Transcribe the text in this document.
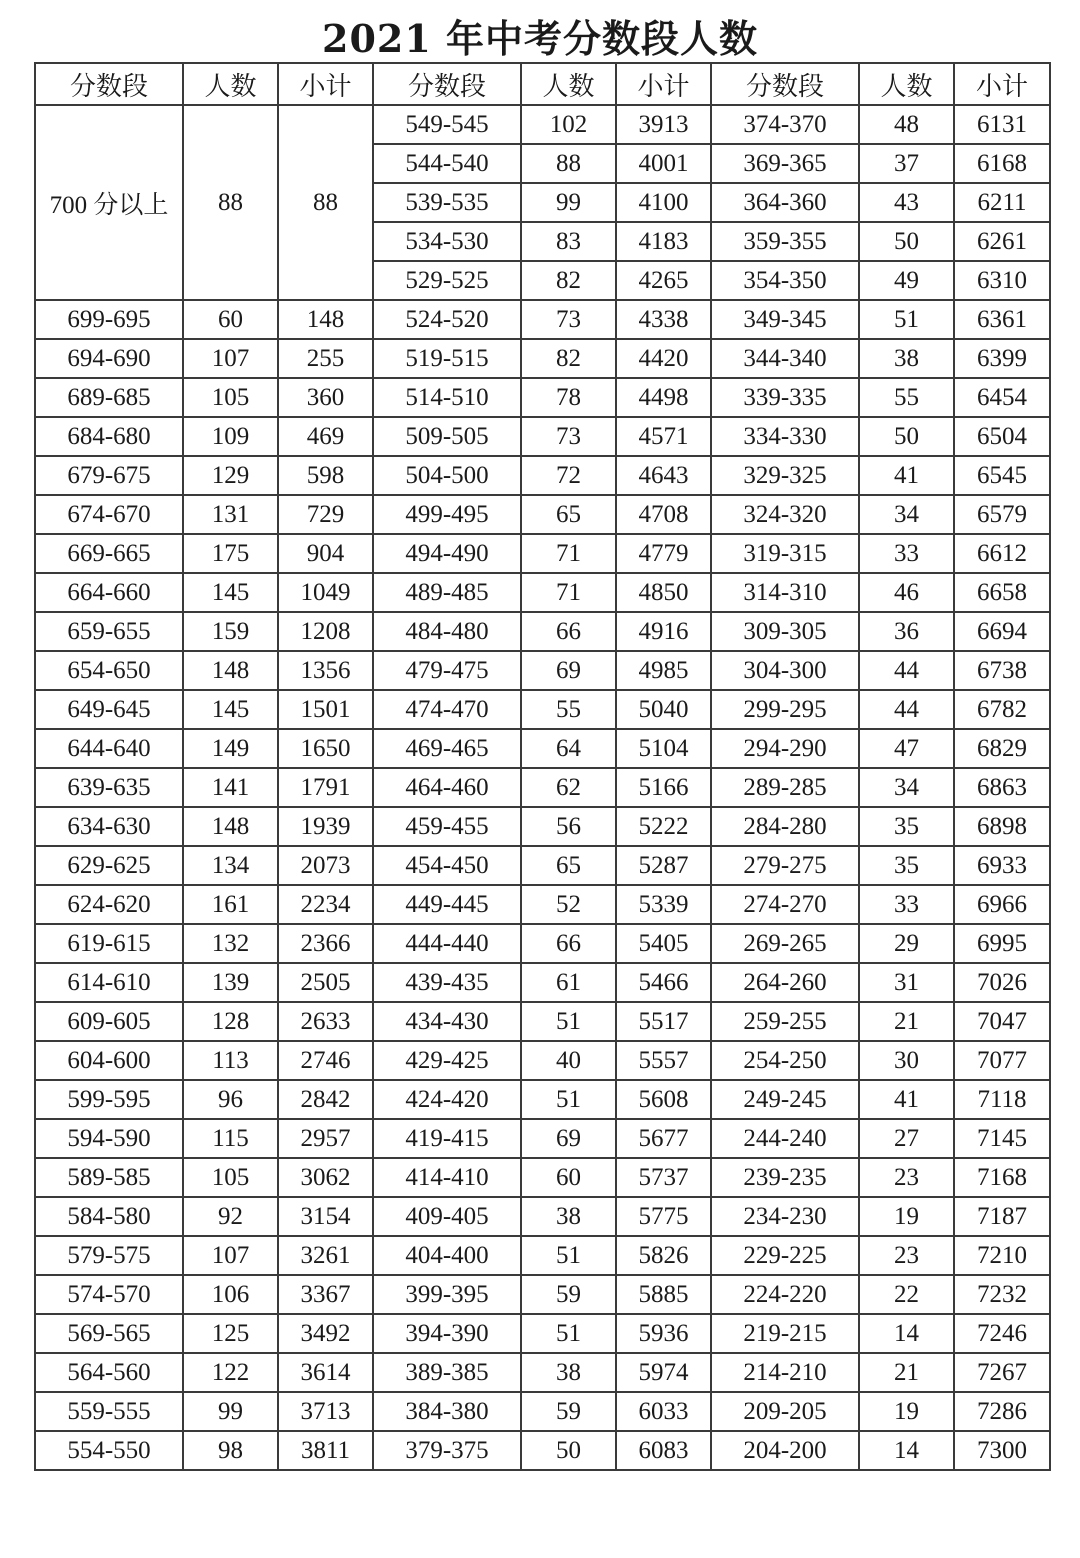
2021 年中考分数段人数
分数段	人数	小计	分数段	人数	小计	分数段	人数	小计
700 分以上	88	88	549-545	102	3913	374-370	48	6131
			544-540	88	4001	369-365	37	6168
			539-535	99	4100	364-360	43	6211
			534-530	83	4183	359-355	50	6261
			529-525	82	4265	354-350	49	6310
699-695	60	148	524-520	73	4338	349-345	51	6361
694-690	107	255	519-515	82	4420	344-340	38	6399
689-685	105	360	514-510	78	4498	339-335	55	6454
684-680	109	469	509-505	73	4571	334-330	50	6504
679-675	129	598	504-500	72	4643	329-325	41	6545
674-670	131	729	499-495	65	4708	324-320	34	6579
669-665	175	904	494-490	71	4779	319-315	33	6612
664-660	145	1049	489-485	71	4850	314-310	46	6658
659-655	159	1208	484-480	66	4916	309-305	36	6694
654-650	148	1356	479-475	69	4985	304-300	44	6738
649-645	145	1501	474-470	55	5040	299-295	44	6782
644-640	149	1650	469-465	64	5104	294-290	47	6829
639-635	141	1791	464-460	62	5166	289-285	34	6863
634-630	148	1939	459-455	56	5222	284-280	35	6898
629-625	134	2073	454-450	65	5287	279-275	35	6933
624-620	161	2234	449-445	52	5339	274-270	33	6966
619-615	132	2366	444-440	66	5405	269-265	29	6995
614-610	139	2505	439-435	61	5466	264-260	31	7026
609-605	128	2633	434-430	51	5517	259-255	21	7047
604-600	113	2746	429-425	40	5557	254-250	30	7077
599-595	96	2842	424-420	51	5608	249-245	41	7118
594-590	115	2957	419-415	69	5677	244-240	27	7145
589-585	105	3062	414-410	60	5737	239-235	23	7168
584-580	92	3154	409-405	38	5775	234-230	19	7187
579-575	107	3261	404-400	51	5826	229-225	23	7210
574-570	106	3367	399-395	59	5885	224-220	22	7232
569-565	125	3492	394-390	51	5936	219-215	14	7246
564-560	122	3614	389-385	38	5974	214-210	21	7267
559-555	99	3713	384-380	59	6033	209-205	19	7286
554-550	98	3811	379-375	50	6083	204-200	14	7300
